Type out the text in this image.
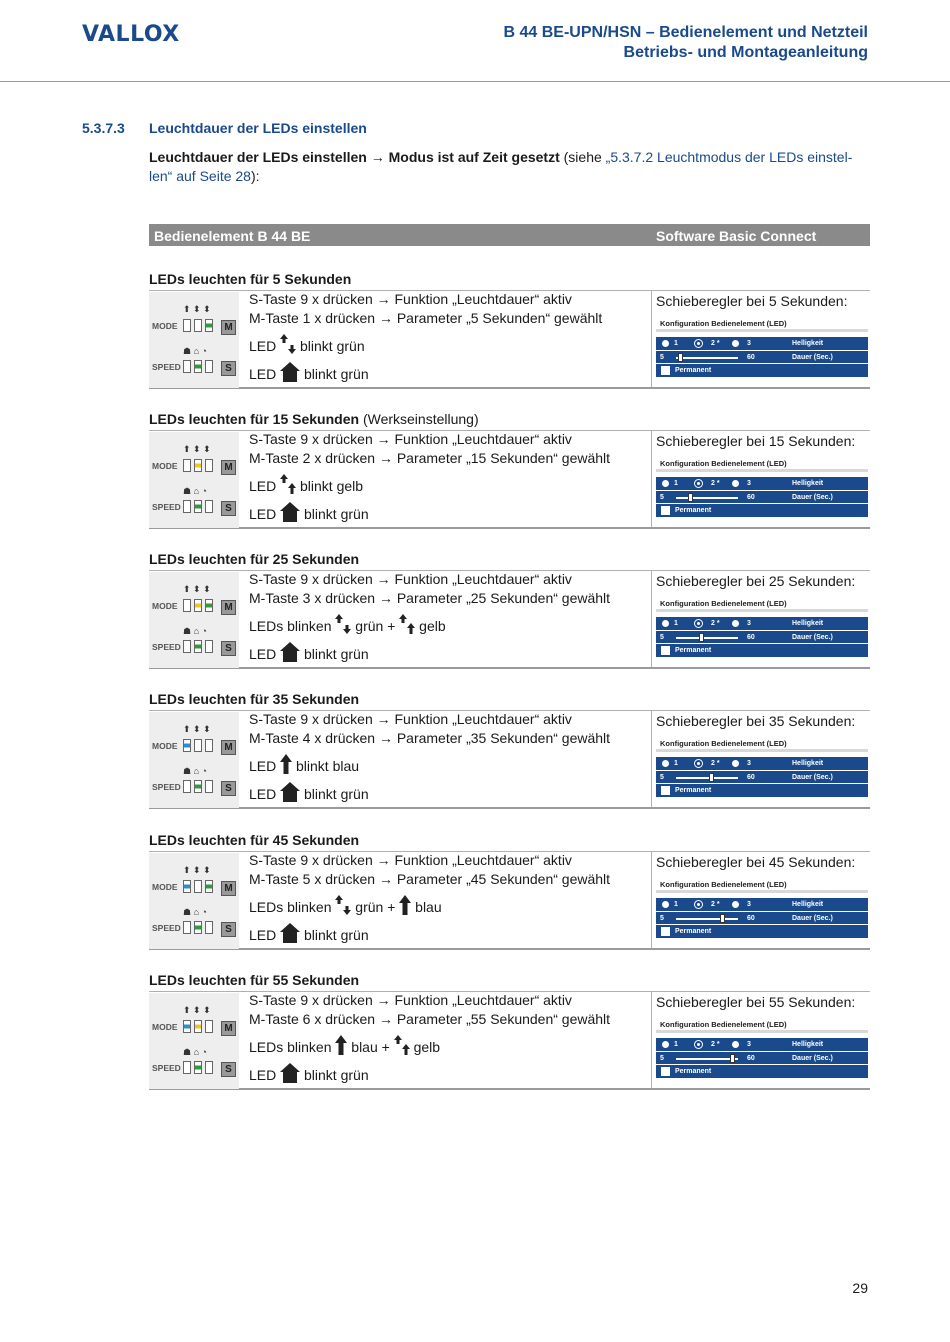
VALLOX	B 44 BE-UPN/HSN – Bedienelement und Netzteil
Betriebs- und Montageanleitung
5.3.7.3 Leuchtdauer der LEDs einstellen
Leuchtdauer der LEDs einstellen → Modus ist auf Zeit gesetzt (siehe „5.3.7.2 Leuchtmodus der LEDs einstel-
len“ auf Seite 28):
Bedienelement B 44 BE	Software Basic Connect
LEDs leuchten für 5 Sekunden
⬆ ⬍ ⬍
MODE	M
☗ ⌂ ◔
SPEED	S
S-Taste 9 x drücken → Funktion „Leuchtdauer“ aktiv
M-Taste 1 x drücken → Parameter „5 Sekunden“ gewählt
LED blinkt grün
LED blinkt grün
Schieberegler bei 5 Sekunden:
Konfiguration Bedienelement (LED)
1	2 *	3	Helligkeit
5	60	Dauer (Sec.)
Permanent
LEDs leuchten für 15 Sekunden (Werkseinstellung)
⬆ ⬍ ⬍
MODE	M
☗ ⌂ ◔
SPEED	S
S-Taste 9 x drücken → Funktion „Leuchtdauer“ aktiv
M-Taste 2 x drücken → Parameter „15 Sekunden“ gewählt
LED blinkt gelb
LED blinkt grün
Schieberegler bei 15 Sekunden:
Konfiguration Bedienelement (LED)
1	2 *	3	Helligkeit
5	60	Dauer (Sec.)
Permanent
LEDs leuchten für 25 Sekunden
⬆ ⬍ ⬍
MODE	M
☗ ⌂ ◔
SPEED	S
S-Taste 9 x drücken → Funktion „Leuchtdauer“ aktiv
M-Taste 3 x drücken → Parameter „25 Sekunden“ gewählt
LEDs blinken grün + gelb
LED blinkt grün
Schieberegler bei 25 Sekunden:
Konfiguration Bedienelement (LED)
1	2 *	3	Helligkeit
5	60	Dauer (Sec.)
Permanent
LEDs leuchten für 35 Sekunden
⬆ ⬍ ⬍
MODE	M
☗ ⌂ ◔
SPEED	S
S-Taste 9 x drücken → Funktion „Leuchtdauer“ aktiv
M-Taste 4 x drücken → Parameter „35 Sekunden“ gewählt
LED blinkt blau
LED blinkt grün
Schieberegler bei 35 Sekunden:
Konfiguration Bedienelement (LED)
1	2 *	3	Helligkeit
5	60	Dauer (Sec.)
Permanent
LEDs leuchten für 45 Sekunden
⬆ ⬍ ⬍
MODE	M
☗ ⌂ ◔
SPEED	S
S-Taste 9 x drücken → Funktion „Leuchtdauer“ aktiv
M-Taste 5 x drücken → Parameter „45 Sekunden“ gewählt
LEDs blinken grün + blau
LED blinkt grün
Schieberegler bei 45 Sekunden:
Konfiguration Bedienelement (LED)
1	2 *	3	Helligkeit
5	60	Dauer (Sec.)
Permanent
LEDs leuchten für 55 Sekunden
⬆ ⬍ ⬍
MODE	M
☗ ⌂ ◔
SPEED	S
S-Taste 9 x drücken → Funktion „Leuchtdauer“ aktiv
M-Taste 6 x drücken → Parameter „55 Sekunden“ gewählt
LEDs blinken blau + gelb
LED blinkt grün
Schieberegler bei 55 Sekunden:
Konfiguration Bedienelement (LED)
1	2 *	3	Helligkeit
5	60	Dauer (Sec.)
Permanent
29
